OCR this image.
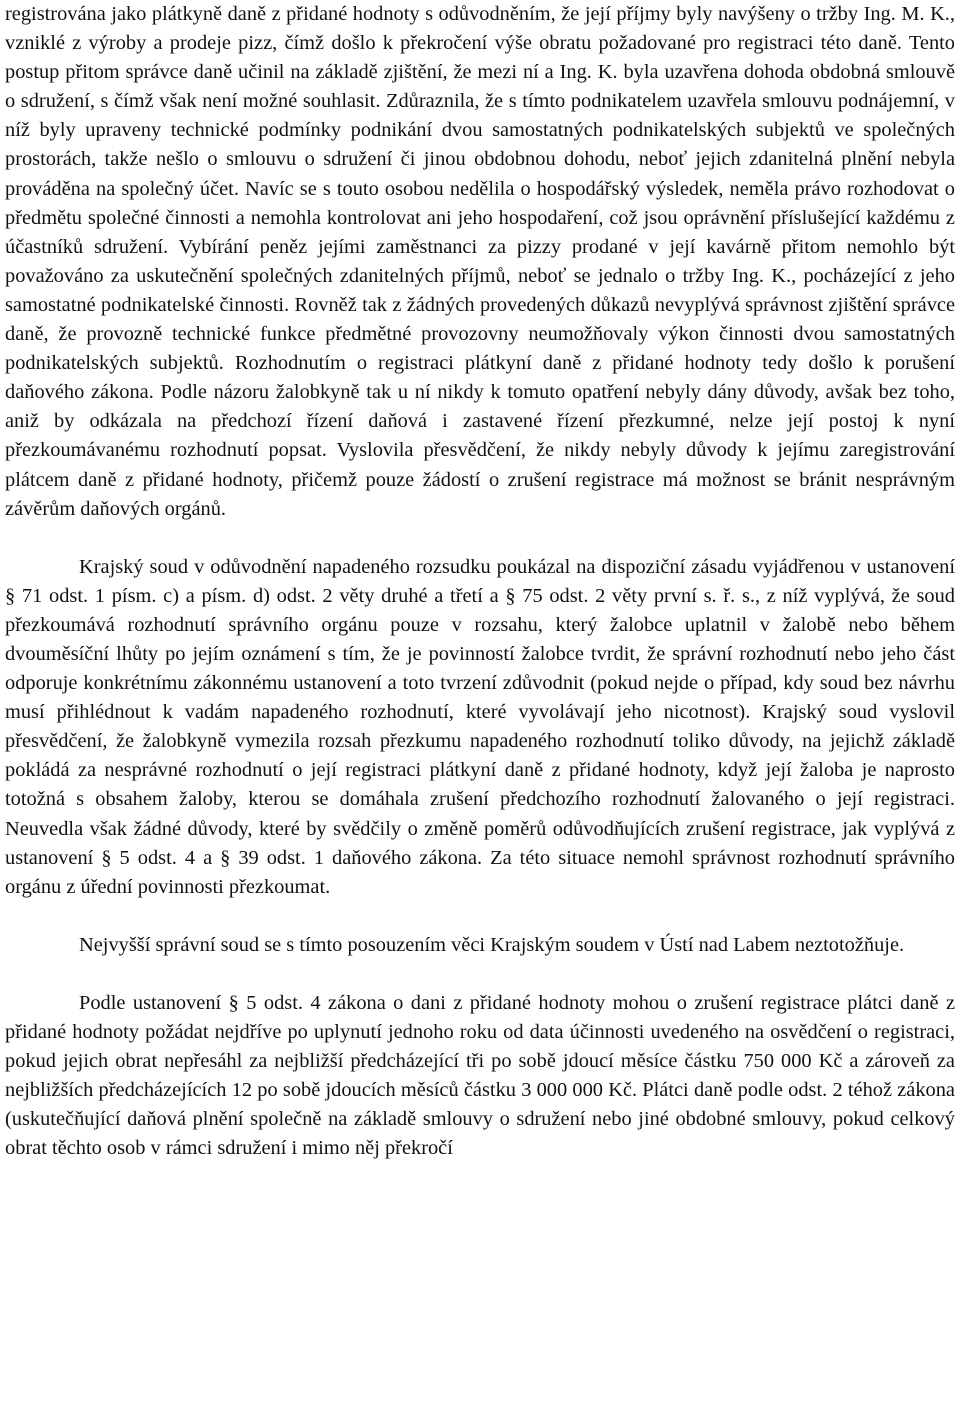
registrována jako plátkyně daně z přidané hodnoty s odůvodněním, že její příjmy byly navýšeny o tržby Ing. M. K., vzniklé z výroby a prodeje pizz, čímž došlo k překročení výše obratu požadované pro registraci této daně. Tento postup přitom správce daně učinil na základě zjištění, že mezi ní a Ing. K. byla uzavřena dohoda obdobná smlouvě o sdružení, s čímž však není možné souhlasit. Zdůraznila, že s tímto podnikatelem uzavřela smlouvu podnájemní, v níž byly upraveny technické podmínky podnikání dvou samostatných podnikatelských subjektů ve společných prostorách, takže nešlo o smlouvu o sdružení či jinou obdobnou dohodu, neboť jejich zdanitelná plnění nebyla prováděna na společný účet. Navíc se s touto osobou nedělila o hospodářský výsledek, neměla právo rozhodovat o předmětu společné činnosti a nemohla kontrolovat ani jeho hospodaření, což jsou oprávnění příslušející každému z účastníků sdružení. Vybírání peněz jejími zaměstnanci za pizzy prodané v její kavárně přitom nemohlo být považováno za uskutečnění společných zdanitelných příjmů, neboť se jednalo o tržby Ing. K., pocházející z jeho samostatné podnikatelské činnosti. Rovněž tak z žádných provedených důkazů nevyplývá správnost zjištění správce daně, že provozně technické funkce předmětné provozovny neumožňovaly výkon činnosti dvou samostatných podnikatelských subjektů. Rozhodnutím o registraci plátkyní daně z přidané hodnoty tedy došlo k porušení daňového zákona. Podle názoru žalobkyně tak u ní nikdy k tomuto opatření nebyly dány důvody, avšak bez toho, aniž by odkázala na předchozí řízení daňová i zastavené řízení přezkumné, nelze její postoj k nyní přezkoumávanému rozhodnutí popsat. Vyslovila přesvědčení, že nikdy nebyly důvody k jejímu zaregistrování plátcem daně z přidané hodnoty, přičemž pouze žádostí o zrušení registrace má možnost se bránit nesprávným závěrům daňových orgánů.

Krajský soud v odůvodnění napadeného rozsudku poukázal na dispoziční zásadu vyjádřenou v ustanovení § 71 odst. 1 písm. c) a písm. d) odst. 2 věty druhé a třetí a § 75 odst. 2 věty první s. ř. s., z níž vyplývá, že soud přezkoumává rozhodnutí správního orgánu pouze v rozsahu, který žalobce uplatnil v žalobě nebo během dvouměsíční lhůty po jejím oznámení s tím, že je povinností žalobce tvrdit, že správní rozhodnutí nebo jeho část odporuje konkrétnímu zákonnému ustanovení a toto tvrzení zdůvodnit (pokud nejde o případ, kdy soud bez návrhu musí přihlédnout k vadám napadeného rozhodnutí, které vyvolávají jeho nicotnost). Krajský soud vyslovil přesvědčení, že žalobkyně vymezila rozsah přezkumu napadeného rozhodnutí toliko důvody, na jejichž základě pokládá za nesprávné rozhodnutí o její registraci plátkyní daně z přidané hodnoty, když její žaloba je naprosto totožná s obsahem žaloby, kterou se domáhala zrušení předchozího rozhodnutí žalovaného o její registraci. Neuvedla však žádné důvody, které by svědčily o změně poměrů odůvodňujících zrušení registrace, jak vyplývá z ustanovení § 5 odst. 4 a § 39 odst. 1 daňového zákona. Za této situace nemohl správnost rozhodnutí správního orgánu z úřední povinnosti přezkoumat.

Nejvyšší správní soud se s tímto posouzením věci Krajským soudem v Ústí nad Labem neztotožňuje.

Podle ustanovení § 5 odst. 4 zákona o dani z přidané hodnoty mohou o zrušení registrace plátci daně z přidané hodnoty požádat nejdříve po uplynutí jednoho roku od data účinnosti uvedeného na osvědčení o registraci, pokud jejich obrat nepřesáhl za nejbližší předcházející tři po sobě jdoucí měsíce částku 750 000 Kč a zároveň za nejbližších předcházejících 12 po sobě jdoucích měsíců částku 3 000 000 Kč. Plátci daně podle odst. 2 téhož zákona (uskutečňující daňová plnění společně na základě smlouvy o sdružení nebo jiné obdobné smlouvy, pokud celkový obrat těchto osob v rámci sdružení i mimo něj překročí
